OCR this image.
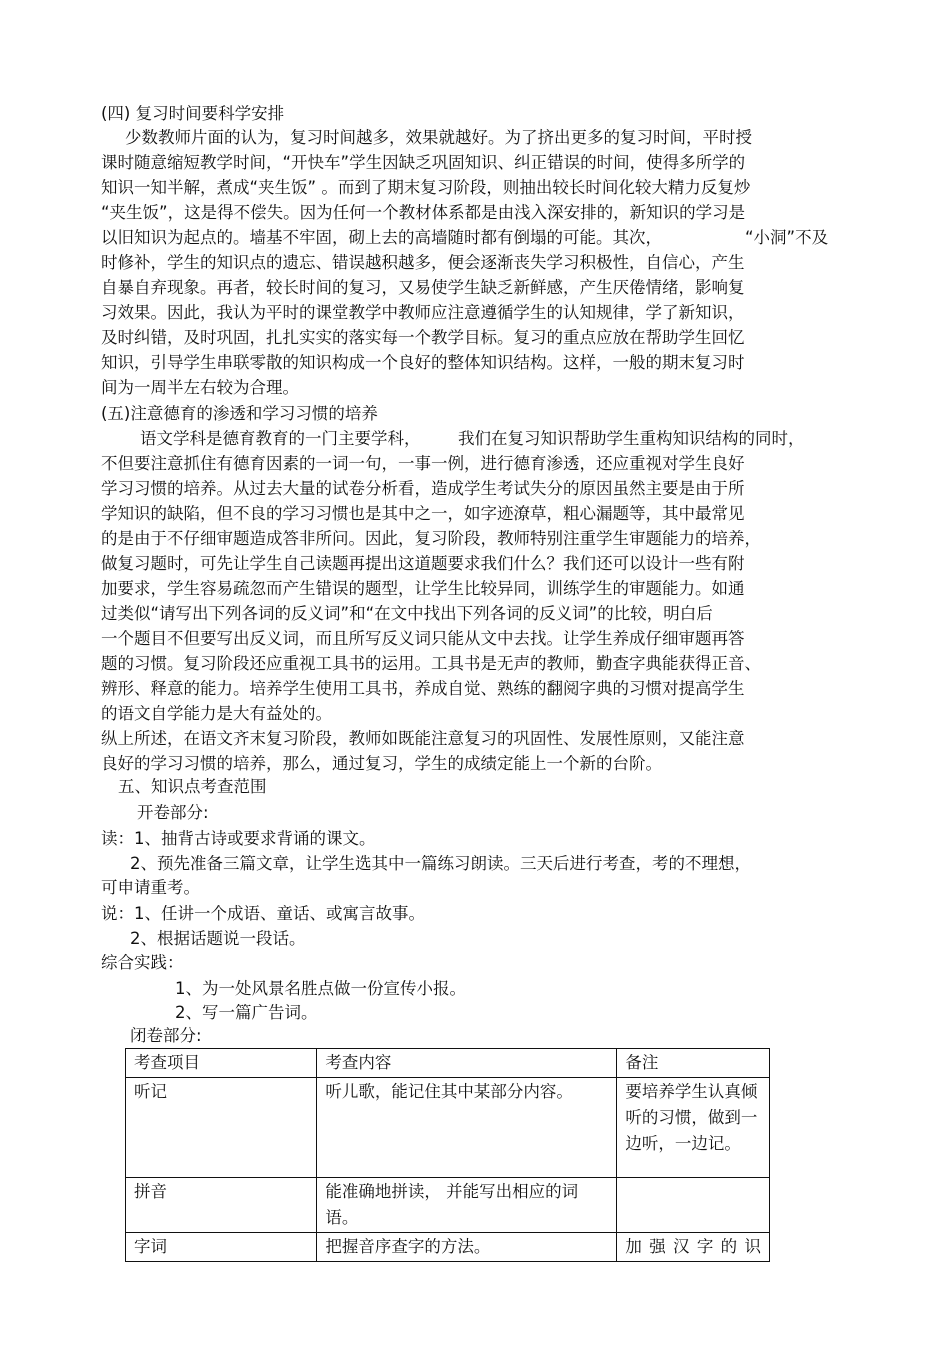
(四) 复习时间要科学安排
少数教师片面的认为，复习时间越多，效果就越好。为了挤出更多的复习时间，平时授
课时随意缩短教学时间，“开快车”学生因缺乏巩固知识、纠正错误的时间，使得多所学的
知识一知半解，煮成“夹生饭” 。而到了期末复习阶段，则抽出较长时间化较大精力反复炒
“夹生饭”，这是得不偿失。因为任何一个教材体系都是由浅入深安排的，新知识的学习是
以旧知识为起点的。墙基不牢固，砌上去的高墙随时都有倒塌的可能。其次，	“小洞”不及
时修补，学生的知识点的遗忘、错误越积越多，便会逐渐丧失学习积极性，自信心，产生
自暴自弃现象。再者，较长时间的复习，又易使学生缺乏新鲜感，产生厌倦情绪，影响复
习效果。因此，我认为平时的课堂教学中教师应注意遵循学生的认知规律，学了新知识，
及时纠错，及时巩固，扎扎实实的落实每一个教学目标。复习的重点应放在帮助学生回忆
知识，引导学生串联零散的知识构成一个良好的整体知识结构。这样，一般的期末复习时
间为一周半左右较为合理。
(五)注意德育的渗透和学习习惯的培养
语文学科是德育教育的一门主要学科， 我们在复习知识帮助学生重构知识结构的同时，
不但要注意抓住有德育因素的一词一句，一事一例，进行德育渗透，还应重视对学生良好
学习习惯的培养。从过去大量的试卷分析看，造成学生考试失分的原因虽然主要是由于所
学知识的缺陷，但不良的学习习惯也是其中之一，如字迹潦草，粗心漏题等，其中最常见
的是由于不仔细审题造成答非所问。因此，复习阶段，教师特别注重学生审题能力的培养，
做复习题时，可先让学生自己读题再提出这道题要求我们什么？我们还可以设计一些有附
加要求，学生容易疏忽而产生错误的题型，让学生比较异同，训练学生的审题能力。如通
过类似“请写出下列各词的反义词”和“在文中找出下列各词的反义词”的比较，明白后
一个题目不但要写出反义词，而且所写反义词只能从文中去找。让学生养成仔细审题再答
题的习惯。复习阶段还应重视工具书的运用。工具书是无声的教师，勤查字典能获得正音、
辨形、释意的能力。培养学生使用工具书，养成自觉、熟练的翻阅字典的习惯对提高学生
的语文自学能力是大有益处的。
纵上所述，在语文齐末复习阶段，教师如既能注意复习的巩固性、发展性原则，又能注意
良好的学习习惯的培养，那么，通过复习，学生的成绩定能上一个新的台阶。
五、知识点考查范围
开卷部分:
读：1、抽背古诗或要求背诵的课文。
2、预先准备三篇文章，让学生选其中一篇练习朗读。三天后进行考查，考的不理想，
可申请重考。
说：1、任讲一个成语、童话、或寓言故事。
2、根据话题说一段话。
综合实践：
1、为一处风景名胜点做一份宣传小报。
2、写一篇广告词。
闭卷部分:
考查项目	考查内容	备注
听记	听儿歌，能记住其中某部分内容。	要培养学生认真倾听的习惯，做到一边听，一边记。
拼音	能准确地拼读， 并能写出相应的词语。	
字词	把握音序查字的方法。	加强汉字的识
